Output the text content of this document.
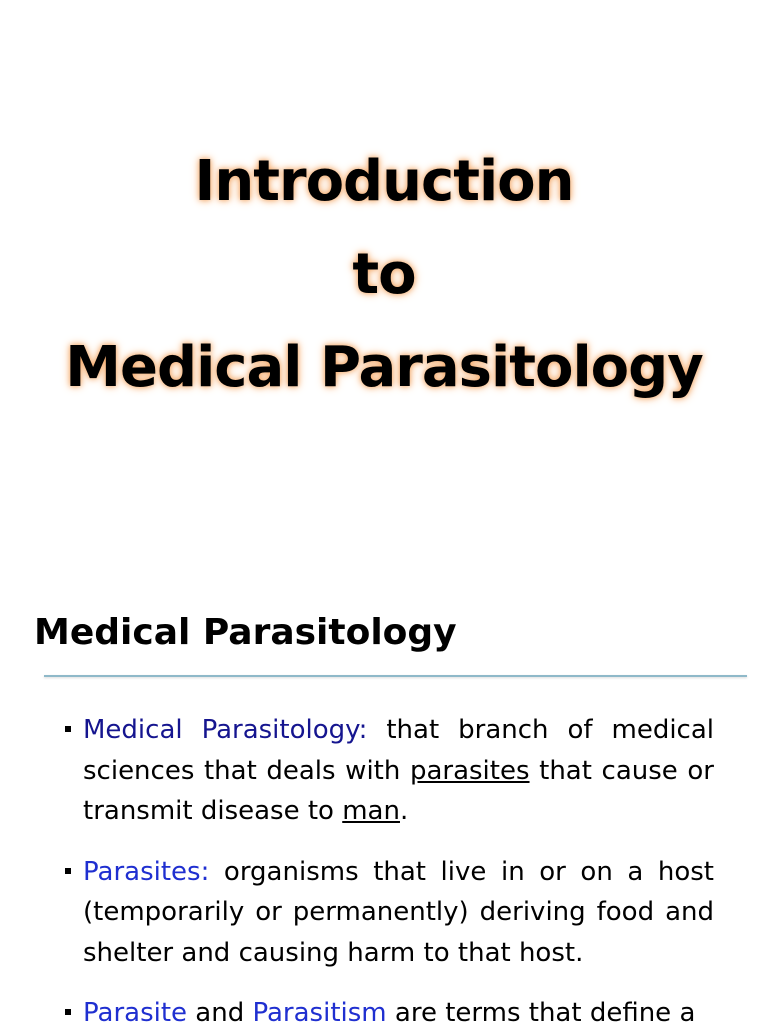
Introduction
to
Medical Parasitology
Medical Parasitology
Medical Parasitology: that branch of medical sciences that deals with parasites that cause or transmit disease to man.
Parasites: organisms that live in or on a host (temporarily or permanently) deriving food and shelter and causing harm to that host.
Parasite and Parasitism are terms that define a
